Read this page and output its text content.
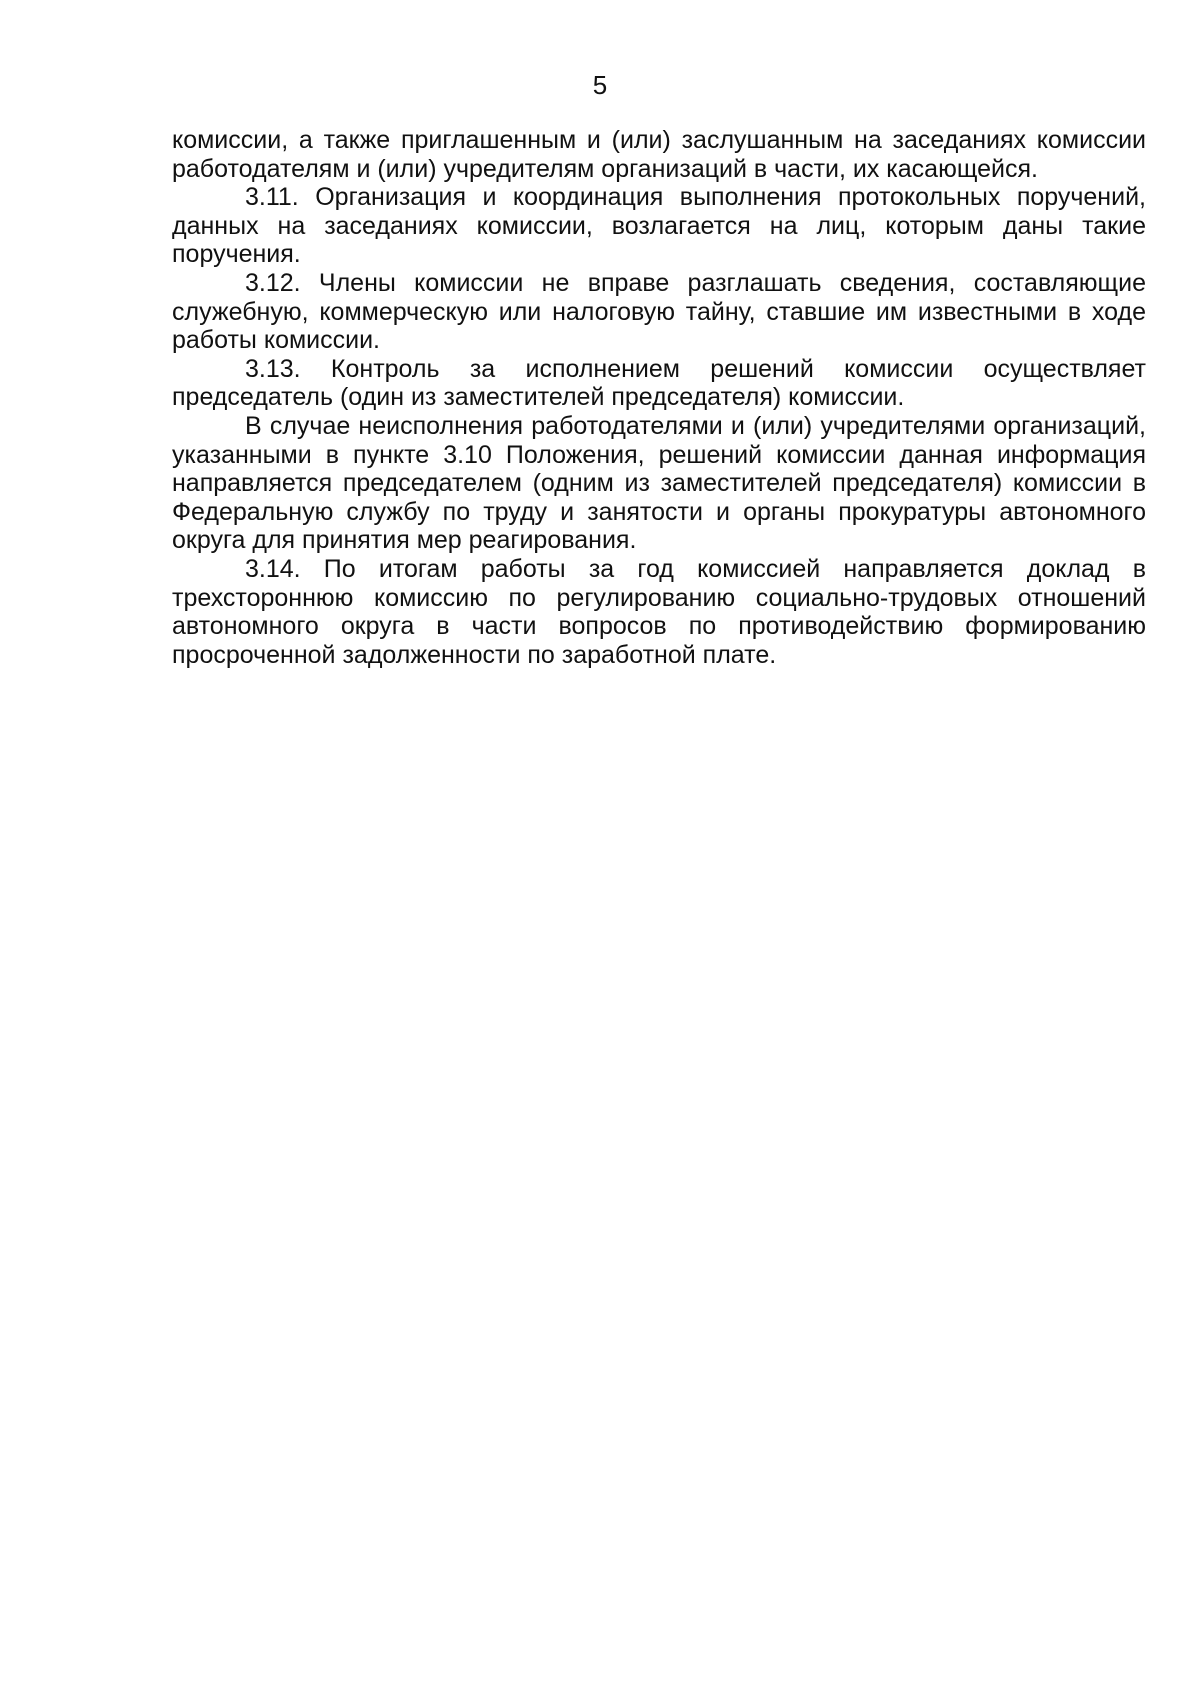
5

комиссии, а также приглашенным и (или) заслушанным на заседаниях комиссии работодателям и (или) учредителям организаций в части, их касающейся.

3.11. Организация и координация выполнения протокольных поручений, данных на заседаниях комиссии, возлагается на лиц, которым даны такие поручения.

3.12. Члены комиссии не вправе разглашать сведения, составляющие служебную, коммерческую или налоговую тайну, ставшие им известными в ходе работы комиссии.

3.13. Контроль за исполнением решений комиссии осуществляет председатель (один из заместителей председателя) комиссии.

В случае неисполнения работодателями и (или) учредителями организаций, указанными в пункте 3.10 Положения, решений комиссии данная информация направляется председателем (одним из заместителей председателя) комиссии в Федеральную службу по труду и занятости и органы прокуратуры автономного округа для принятия мер реагирования.

3.14. По итогам работы за год комиссией направляется доклад в трехстороннюю комиссию по регулированию социально-трудовых отношений автономного округа в части вопросов по противодействию формированию просроченной задолженности по заработной плате.
